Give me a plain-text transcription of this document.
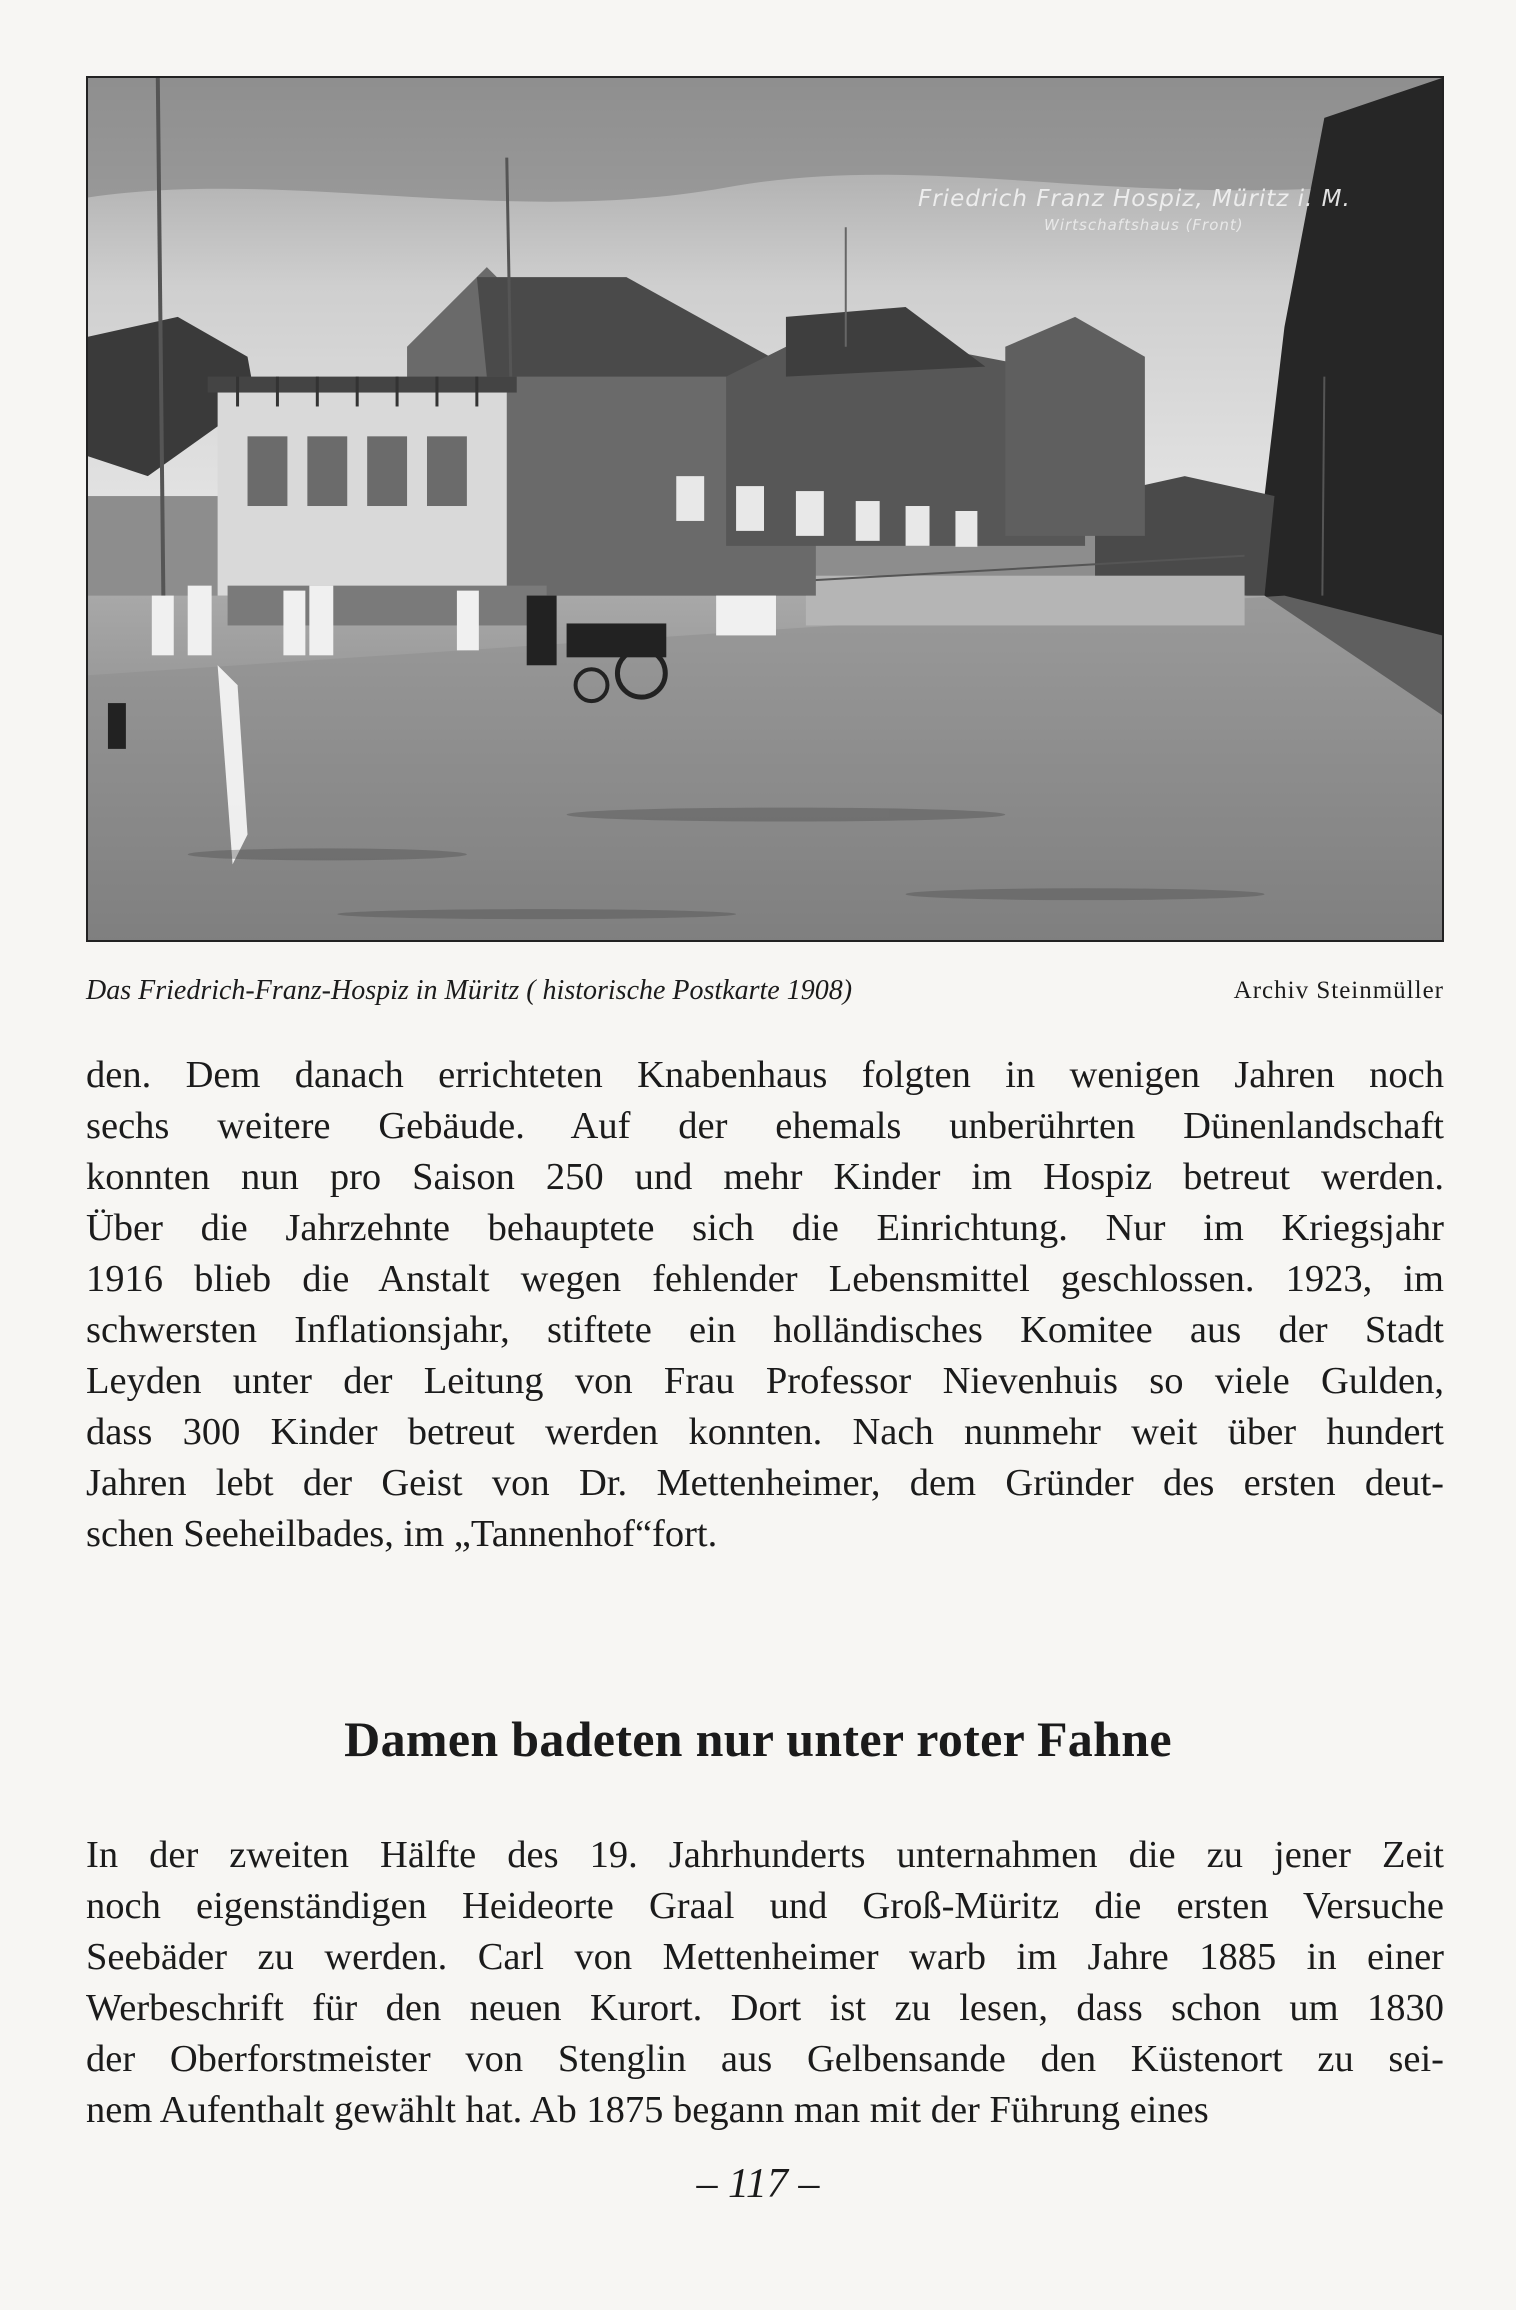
Friedrich Franz Hospiz, Müritz i. M.

Wirtschaftshaus (Front)

Das Friedrich-Franz-Hospiz in Müritz ( historische Postkarte 1908)	Archiv Steinmüller
den. Dem danach errichteten Knabenhaus folgten in wenigen Jahren noch
sechs weitere Gebäude. Auf der ehemals unberührten Dünenlandschaft
konnten nun pro Saison 250 und mehr Kinder im Hospiz betreut werden.
Über die Jahrzehnte behauptete sich die Einrichtung. Nur im Kriegsjahr
1916 blieb die Anstalt wegen fehlender Lebensmittel geschlossen. 1923, im
schwersten Inflationsjahr, stiftete ein holländisches Komitee aus der Stadt
Leyden unter der Leitung von Frau Professor Nievenhuis so viele Gulden,
dass 300 Kinder betreut werden konnten. Nach nunmehr weit über hundert
Jahren lebt der Geist von Dr. Mettenheimer, dem Gründer des ersten deut-
schen Seeheilbades, im „Tannenhof“fort.
Damen badeten nur unter roter Fahne
In der zweiten Hälfte des 19. Jahrhunderts unternahmen die zu jener Zeit
noch eigenständigen Heideorte Graal und Groß-Müritz die ersten Versuche
Seebäder zu werden. Carl von Mettenheimer warb im Jahre 1885 in einer
Werbeschrift für den neuen Kurort. Dort ist zu lesen, dass schon um 1830
der Oberforstmeister von Stenglin aus Gelbensande den Küstenort zu sei-
nem Aufenthalt gewählt hat. Ab 1875 begann man mit der Führung eines
– 117 –
